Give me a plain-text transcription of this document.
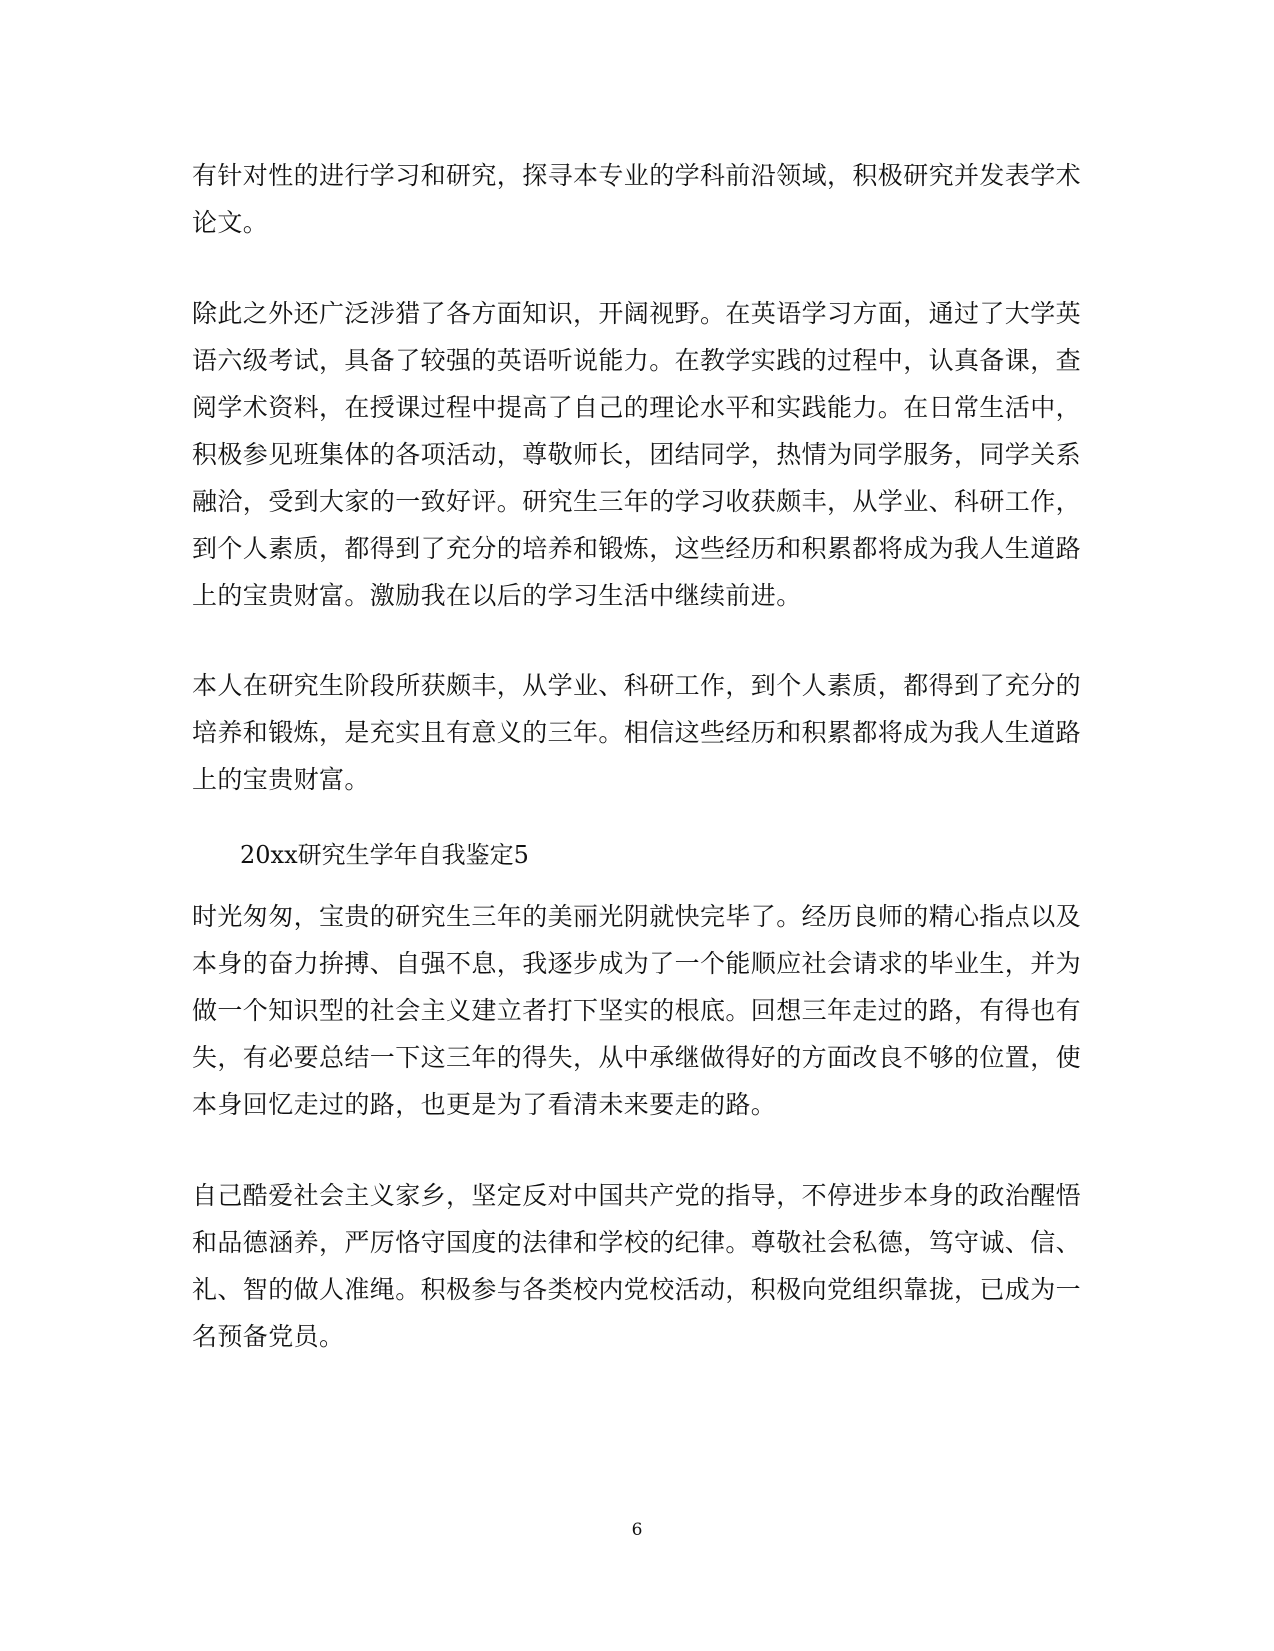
有针对性的进行学习和研究，探寻本专业的学科前沿领域，积极研究并发表学术
论文。

除此之外还广泛涉猎了各方面知识，开阔视野。在英语学习方面，通过了大学英
语六级考试，具备了较强的英语听说能力。在教学实践的过程中，认真备课，查
阅学术资料，在授课过程中提高了自己的理论水平和实践能力。在日常生活中，
积极参见班集体的各项活动，尊敬师长，团结同学，热情为同学服务，同学关系
融洽，受到大家的一致好评。研究生三年的学习收获颇丰，从学业、科研工作，
到个人素质，都得到了充分的培养和锻炼，这些经历和积累都将成为我人生道路
上的宝贵财富。激励我在以后的学习生活中继续前进。

本人在研究生阶段所获颇丰，从学业、科研工作，到个人素质，都得到了充分的
培养和锻炼，是充实且有意义的三年。相信这些经历和积累都将成为我人生道路
上的宝贵财富。

20xx研究生学年自我鉴定5

时光匆匆，宝贵的研究生三年的美丽光阴就快完毕了。经历良师的精心指点以及
本身的奋力拚搏、自强不息，我逐步成为了一个能顺应社会请求的毕业生，并为
做一个知识型的社会主义建立者打下坚实的根底。回想三年走过的路，有得也有
失，有必要总结一下这三年的得失，从中承继做得好的方面改良不够的位置，使
本身回忆走过的路，也更是为了看清未来要走的路。

自己酷爱社会主义家乡，坚定反对中国共产党的指导，不停进步本身的政治醒悟
和品德涵养，严厉恪守国度的法律和学校的纪律。尊敬社会私德，笃守诚、信、
礼、智的做人准绳。积极参与各类校内党校活动，积极向党组织靠拢，已成为一
名预备党员。

6
